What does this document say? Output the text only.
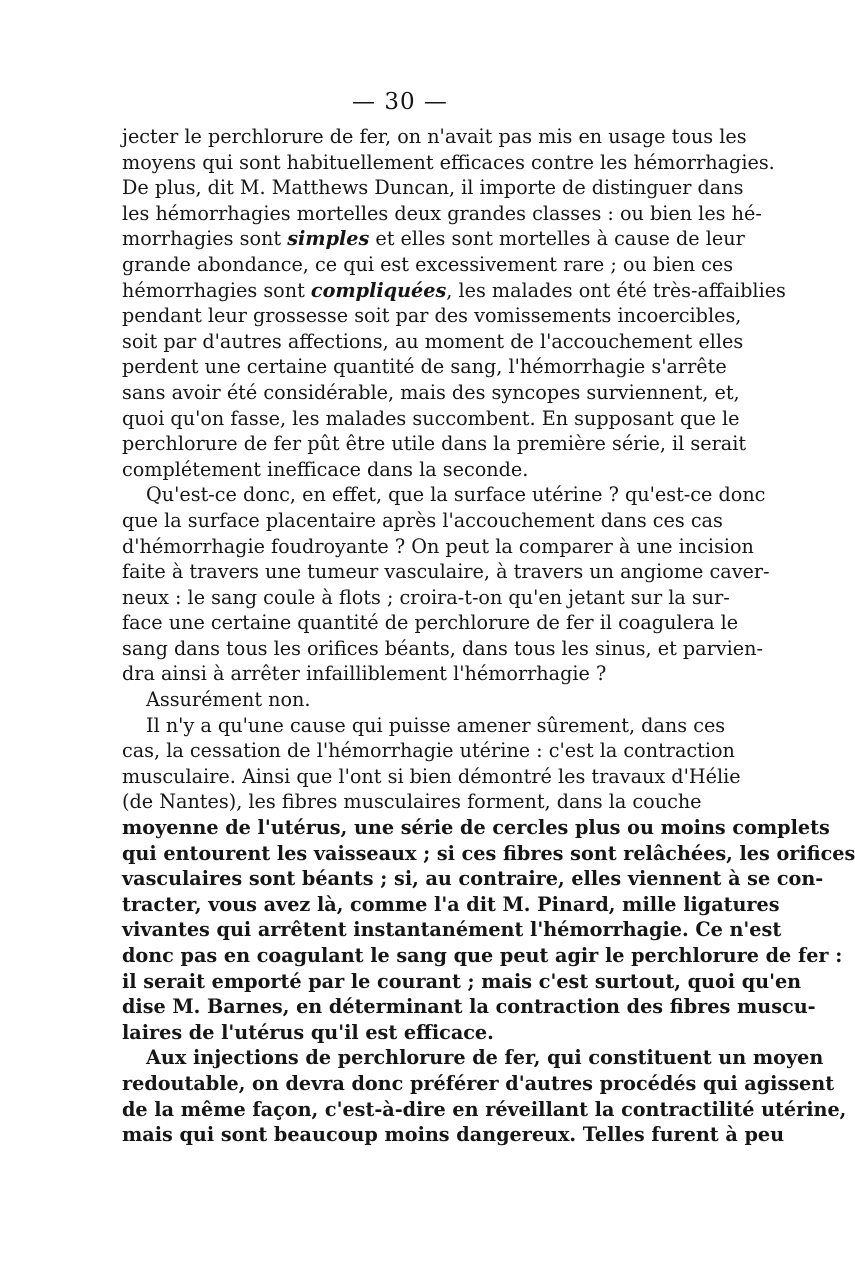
— 30 —
jecter le perchlorure de fer, on n'avait pas mis en usage tous les
moyens qui sont habituellement efficaces contre les hémorrhagies.
De plus, dit M. Matthews Duncan, il importe de distinguer dans
les hémorrhagies mortelles deux grandes classes : ou bien les hé-
morrhagies sont simples et elles sont mortelles à cause de leur
grande abondance, ce qui est excessivement rare ; ou bien ces
hémorrhagies sont compliquées, les malades ont été très-affaiblies
pendant leur grossesse soit par des vomissements incoercibles,
soit par d'autres affections, au moment de l'accouchement elles
perdent une certaine quantité de sang, l'hémorrhagie s'arrête
sans avoir été considérable, mais des syncopes surviennent, et,
quoi qu'on fasse, les malades succombent. En supposant que le
perchlorure de fer pût être utile dans la première série, il serait
complétement inefficace dans la seconde.
Qu'est-ce donc, en effet, que la surface utérine ? qu'est-ce donc
que la surface placentaire après l'accouchement dans ces cas
d'hémorrhagie foudroyante ? On peut la comparer à une incision
faite à travers une tumeur vasculaire, à travers un angiome caver-
neux : le sang coule à flots ; croira-t-on qu'en jetant sur la sur-
face une certaine quantité de perchlorure de fer il coagulera le
sang dans tous les orifices béants, dans tous les sinus, et parvien-
dra ainsi à arrêter infailliblement l'hémorrhagie ?
Assurément non.
Il n'y a qu'une cause qui puisse amener sûrement, dans ces
cas, la cessation de l'hémorrhagie utérine : c'est la contraction
musculaire. Ainsi que l'ont si bien démontré les travaux d'Hélie
(de Nantes), les fibres musculaires forment, dans la couche
moyenne de l'utérus, une série de cercles plus ou moins complets
qui entourent les vaisseaux ; si ces fibres sont relâchées, les orifices
vasculaires sont béants ; si, au contraire, elles viennent à se con-
tracter, vous avez là, comme l'a dit M. Pinard, mille ligatures
vivantes qui arrêtent instantanément l'hémorrhagie. Ce n'est
donc pas en coagulant le sang que peut agir le perchlorure de fer :
il serait emporté par le courant ; mais c'est surtout, quoi qu'en
dise M. Barnes, en déterminant la contraction des fibres muscu-
laires de l'utérus qu'il est efficace.
Aux injections de perchlorure de fer, qui constituent un moyen
redoutable, on devra donc préférer d'autres procédés qui agissent
de la même façon, c'est-à-dire en réveillant la contractilité utérine,
mais qui sont beaucoup moins dangereux. Telles furent à peu
